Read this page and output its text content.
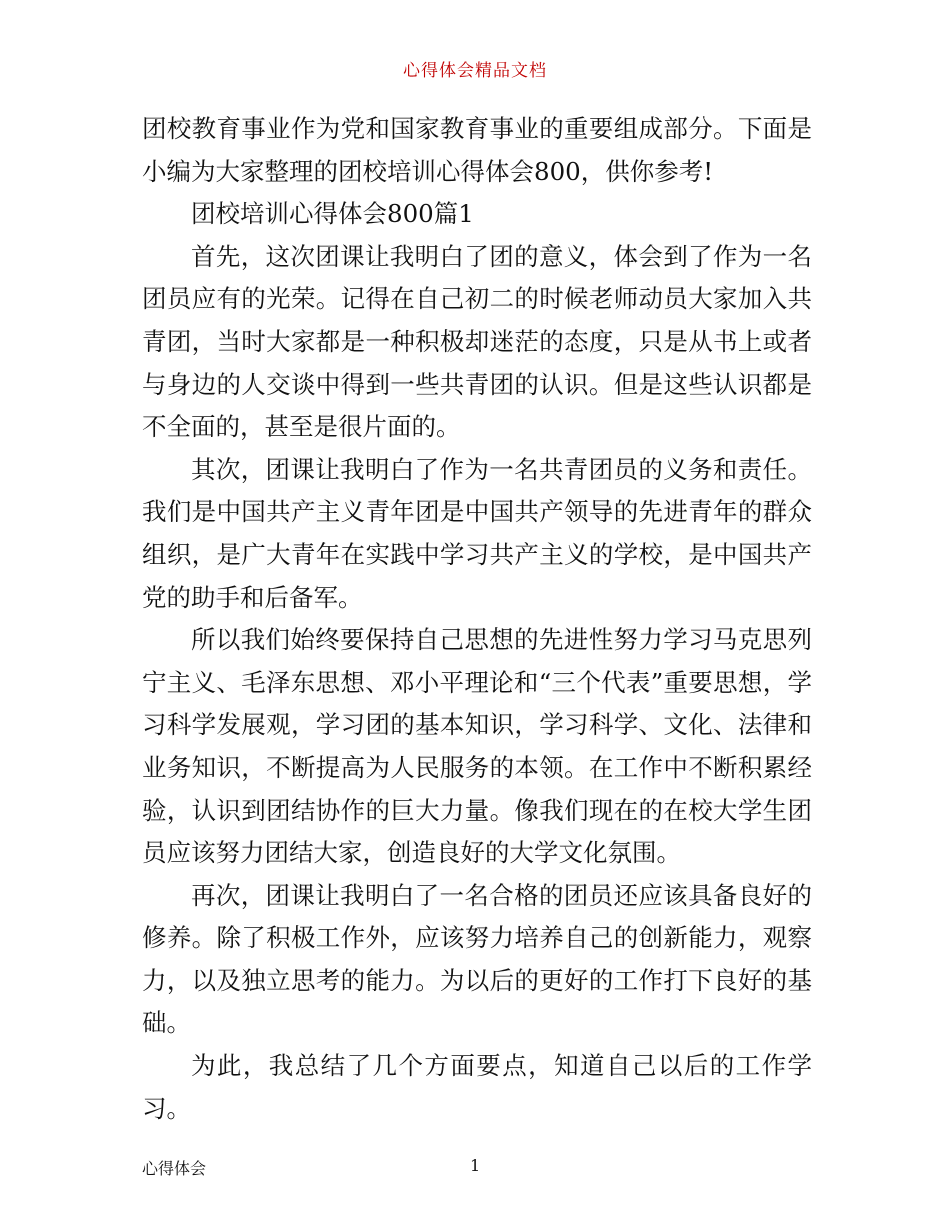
心得体会精品文档

团校教育事业作为党和国家教育事业的重要组成部分。下面是小编为大家整理的团校培训心得体会800，供你参考!

团校培训心得体会800篇1

首先，这次团课让我明白了团的意义，体会到了作为一名团员应有的光荣。记得在自己初二的时候老师动员大家加入共青团，当时大家都是一种积极却迷茫的态度，只是从书上或者与身边的人交谈中得到一些共青团的认识。但是这些认识都是不全面的，甚至是很片面的。

其次，团课让我明白了作为一名共青团员的义务和责任。我们是中国共产主义青年团是中国共产领导的先进青年的群众组织，是广大青年在实践中学习共产主义的学校，是中国共产党的助手和后备军。

所以我们始终要保持自己思想的先进性努力学习马克思列宁主义、毛泽东思想、邓小平理论和“三个代表”重要思想，学习科学发展观，学习团的基本知识，学习科学、文化、法律和业务知识，不断提高为人民服务的本领。在工作中不断积累经验，认识到团结协作的巨大力量。像我们现在的在校大学生团员应该努力团结大家，创造良好的大学文化氛围。

再次，团课让我明白了一名合格的团员还应该具备良好的修养。除了积极工作外，应该努力培养自己的创新能力，观察力，以及独立思考的能力。为以后的更好的工作打下良好的基础。

为此，我总结了几个方面要点，知道自己以后的工作学习。

心得体会	1
